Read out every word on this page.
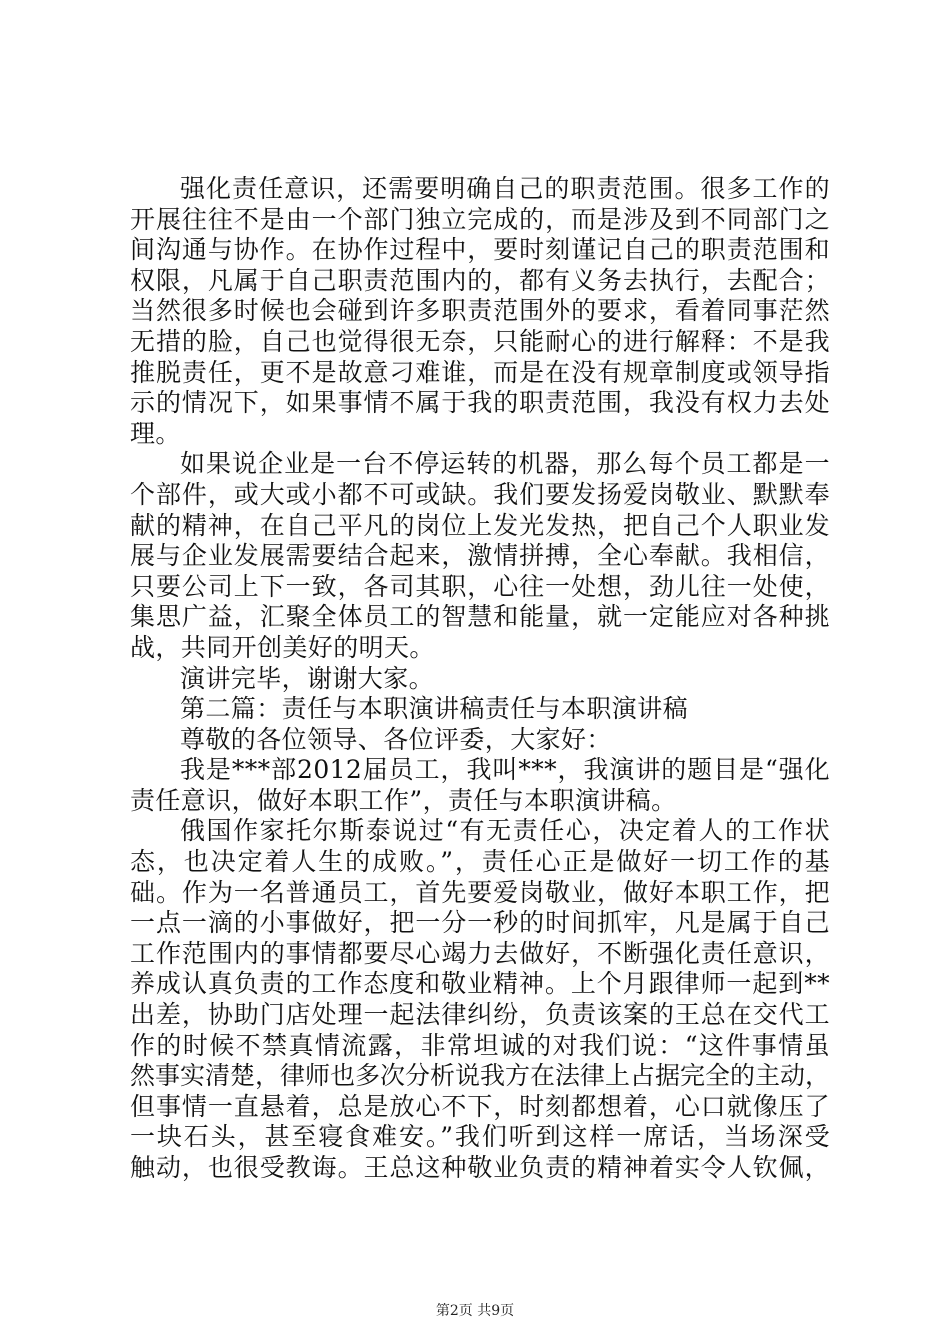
强化责任意识，还需要明确自己的职责范围。很多工作的
开展往往不是由一个部门独立完成的，而是涉及到不同部门之
间沟通与协作。在协作过程中，要时刻谨记自己的职责范围和
权限，凡属于自己职责范围内的，都有义务去执行，去配合；
当然很多时候也会碰到许多职责范围外的要求，看着同事茫然
无措的脸，自己也觉得很无奈，只能耐心的进行解释：不是我
推脱责任，更不是故意刁难谁，而是在没有规章制度或领导指
示的情况下，如果事情不属于我的职责范围，我没有权力去处
理。
如果说企业是一台不停运转的机器，那么每个员工都是一
个部件，或大或小都不可或缺。我们要发扬爱岗敬业、默默奉
献的精神，在自己平凡的岗位上发光发热，把自己个人职业发
展与企业发展需要结合起来，激情拼搏，全心奉献。我相信，
只要公司上下一致，各司其职，心往一处想，劲儿往一处使，
集思广益，汇聚全体员工的智慧和能量，就一定能应对各种挑
战，共同开创美好的明天。
演讲完毕，谢谢大家。
第二篇：责任与本职演讲稿责任与本职演讲稿
尊敬的各位领导、各位评委，大家好：
我是***部2012届员工，我叫***，我演讲的题目是“强化
责任意识，做好本职工作”，责任与本职演讲稿。
俄国作家托尔斯泰说过“有无责任心，决定着人的工作状
态，也决定着人生的成败。”，责任心正是做好一切工作的基
础。作为一名普通员工，首先要爱岗敬业，做好本职工作，把
一点一滴的小事做好，把一分一秒的时间抓牢，凡是属于自己
工作范围内的事情都要尽心竭力去做好，不断强化责任意识，
养成认真负责的工作态度和敬业精神。上个月跟律师一起到**
出差，协助门店处理一起法律纠纷，负责该案的王总在交代工
作的时候不禁真情流露，非常坦诚的对我们说：“这件事情虽
然事实清楚，律师也多次分析说我方在法律上占据完全的主动，
但事情一直悬着，总是放心不下，时刻都想着，心口就像压了
一块石头，甚至寝食难安。”我们听到这样一席话，当场深受
触动，也很受教诲。王总这种敬业负责的精神着实令人钦佩，
第2页 共9页
